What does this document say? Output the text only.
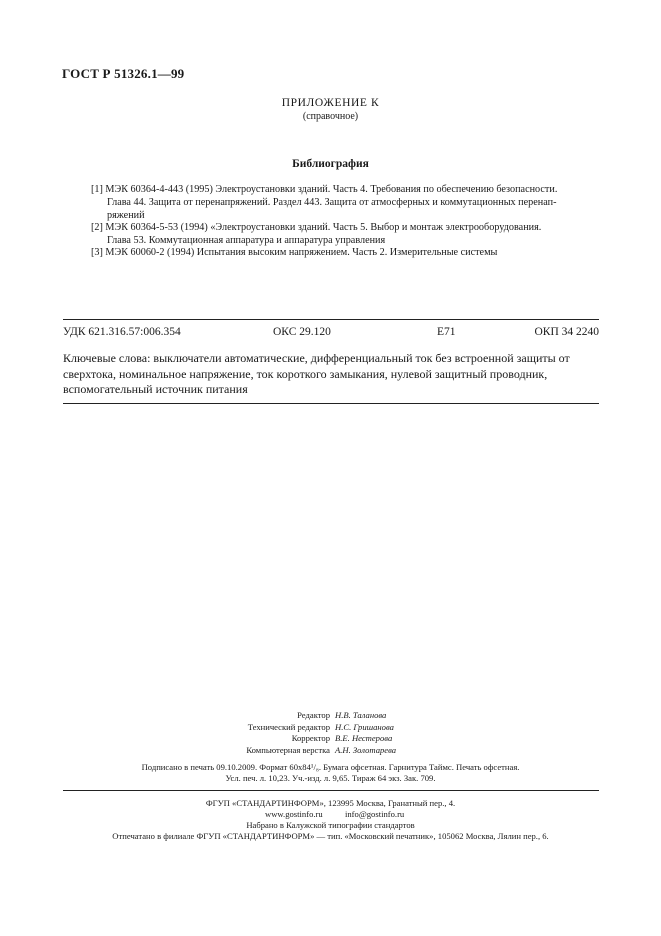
ГОСТ Р 51326.1—99
ПРИЛОЖЕНИЕ К
(справочное)
Библиография
[1] МЭК 60364-4-443 (1995) Электроустановки зданий. Часть 4. Требования по обеспечению безопасности.
Глава 44. Защита от перенапряжений. Раздел 443. Защита от атмосферных и коммутационных перенап-
ряжений
[2] МЭК 60364-5-53 (1994) «Электроустановки зданий. Часть 5. Выбор и монтаж электрооборудования.
Глава 53. Коммутационная аппаратура и аппаратура управления
[3] МЭК 60060-2 (1994) Испытания высоким напряжением. Часть 2. Измерительные системы
УДК 621.316.57:006.354	ОКС 29.120	Е71	ОКП 34 2240
Ключевые слова: выключатели автоматические, дифференциальный ток без встроенной защиты от
сверхтока, номинальное напряжение, ток короткого замыкания, нулевой защитный проводник,
вспомогательный источник питания
Редактор Н.В. Таланова
Технический редактор Н.С. Гришанова
Корректор В.Е. Нестерова
Компьютерная верстка А.Н. Золотарева
Подписано в печать 09.10.2009. Формат 60х84¹/₈. Бумага офсетная. Гарнитура Таймс. Печать офсетная.
Усл. печ. л. 10,23. Уч.-изд. л. 9,65. Тираж 64 экз. Зак. 709.
ФГУП «СТАНДАРТИНФОРМ», 123995 Москва, Гранатный пер., 4.
www.gostinfo.ru	info@gostinfo.ru
Набрано в Калужской типографии стандартов
Отпечатано в филиале ФГУП «СТАНДАРТИНФОРМ» — тип. «Московский печатник», 105062 Москва, Лялин пер., 6.
